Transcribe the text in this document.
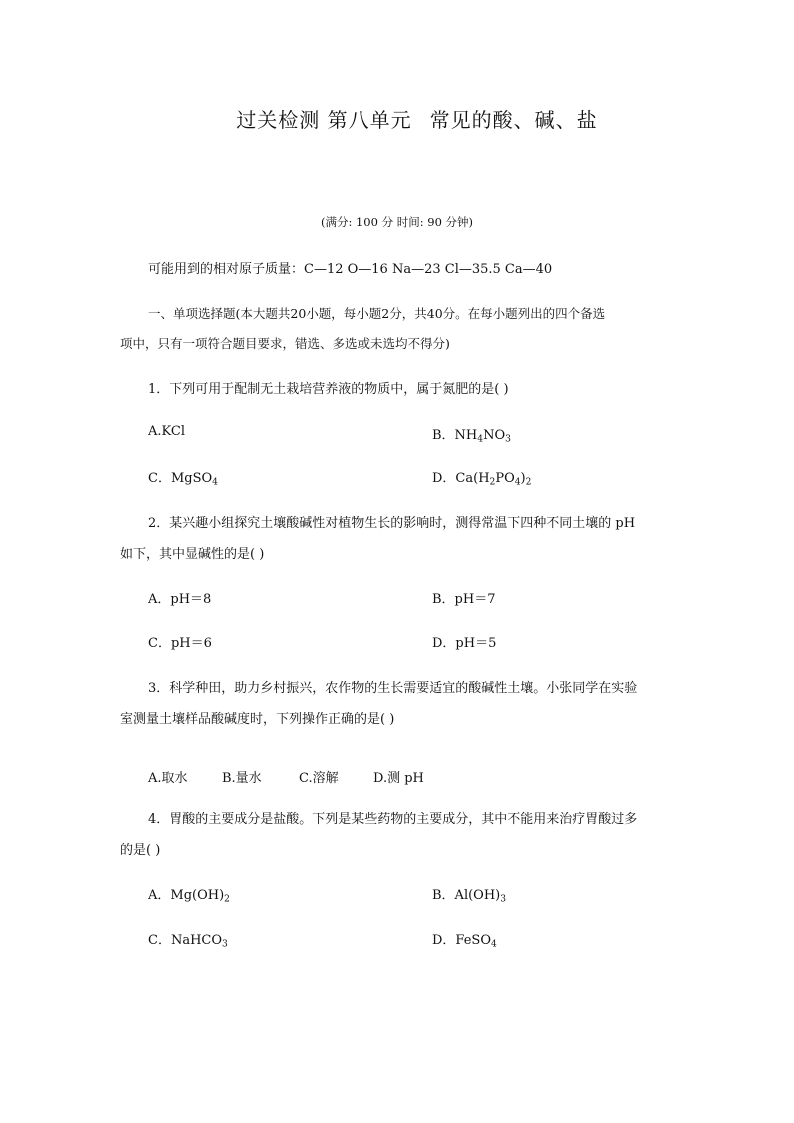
过关检测 第八单元 常见的酸、碱、盐
(满分: 100 分 时间: 90 分钟)
可能用到的相对原子质量：C—12 O—16 Na—23 Cl—35.5 Ca—40
一、单项选择题(本大题共20小题，每小题2分，共40分。在每小题列出的四个备选
项中，只有一项符合题目要求，错选、多选或未选均不得分)
1．下列可用于配制无土栽培营养液的物质中，属于氮肥的是( )
A.KCl	B．$NH_4NO_3$
C．MgSO$_4$	D．$Ca(H_2PO_4)_2$
2．某兴趣小组探究土壤酸碱性对植物生长的影响时，测得常温下四种不同土壤的 pH
如下，其中显碱性的是( )
A．pH＝8	B．pH＝7
C．pH＝6	D．pH＝5
3．科学种田，助力乡村振兴，农作物的生长需要适宜的酸碱性土壤。小张同学在实验
室测量土壤样品酸碱度时，下列操作正确的是( )
A.取水	B.量水	C.溶解	D.测 pH
4．胃酸的主要成分是盐酸。下列是某些药物的主要成分，其中不能用来治疗胃酸过多
的是( )
A．$Mg(OH)_2$	B．$Al(OH)_3$
C．NaHCO$_3$	D．FeSO$_4$
